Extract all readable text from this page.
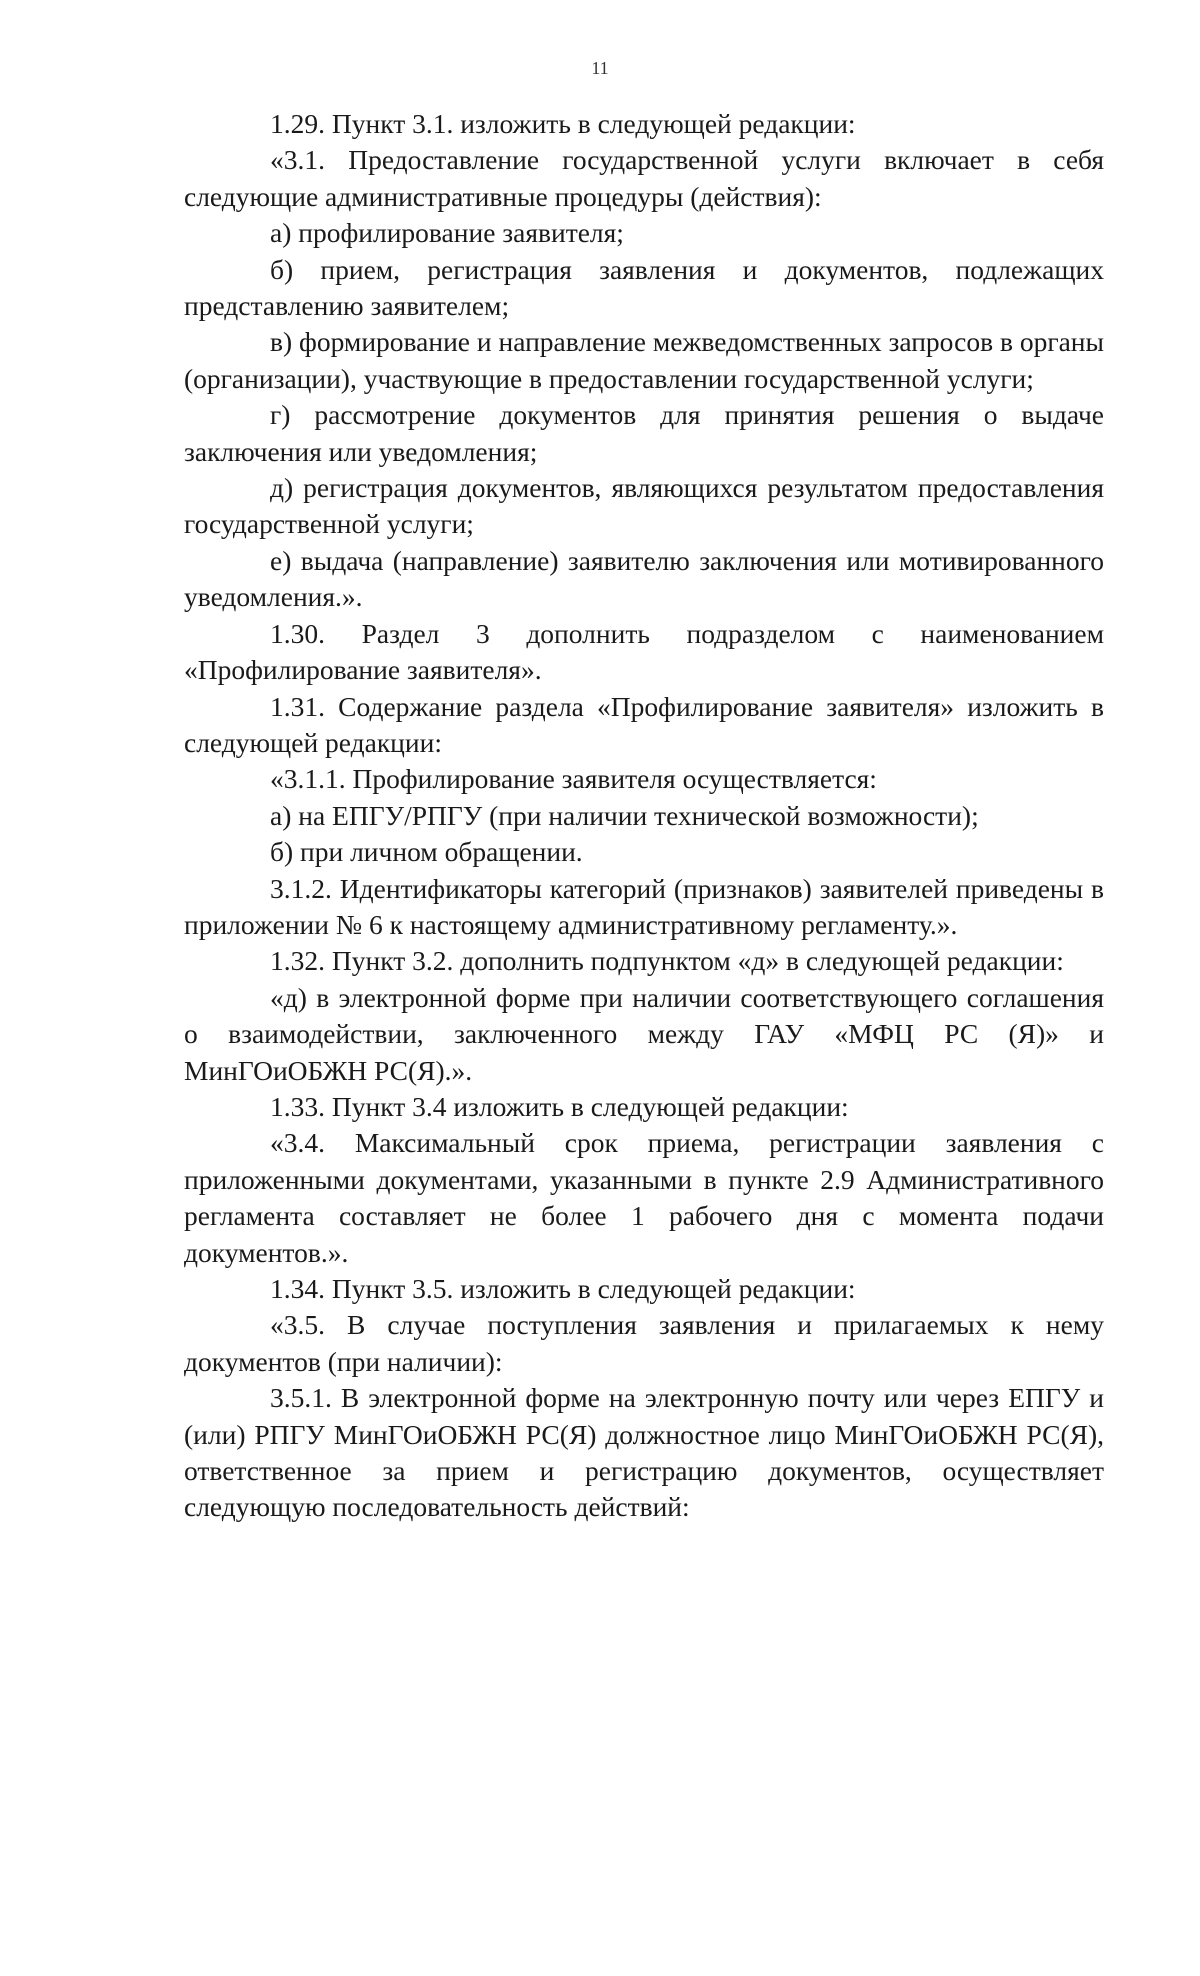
11

1.29. Пункт 3.1. изложить в следующей редакции:

«3.1. Предоставление государственной услуги включает в себя следующие административные процедуры (действия):

а) профилирование заявителя;

б) прием, регистрация заявления и документов, подлежащих представлению заявителем;

в) формирование и направление межведомственных запросов в органы (организации), участвующие в предоставлении государственной услуги;

г) рассмотрение документов для принятия решения о выдаче заключения или уведомления;

д) регистрация документов, являющихся результатом предоставления государственной услуги;

е) выдача (направление) заявителю заключения или мотивированного уведомления.».

1.30. Раздел 3 дополнить подразделом с наименованием «Профилирование заявителя».

1.31. Содержание раздела «Профилирование заявителя» изложить в следующей редакции:

«3.1.1. Профилирование заявителя осуществляется:

а) на ЕПГУ/РПГУ (при наличии технической возможности);

б) при личном обращении.

3.1.2. Идентификаторы категорий (признаков) заявителей приведены в приложении № 6 к настоящему административному регламенту.».

1.32. Пункт 3.2. дополнить подпунктом «д» в следующей редакции:

«д) в электронной форме при наличии соответствующего соглашения о взаимодействии, заключенного между ГАУ «МФЦ РС (Я)» и МинГОиОБЖН РС(Я).».

1.33. Пункт 3.4 изложить в следующей редакции:

«3.4. Максимальный срок приема, регистрации заявления с приложенными документами, указанными в пункте 2.9 Административного регламента составляет не более 1 рабочего дня с момента подачи документов.».

1.34. Пункт 3.5. изложить в следующей редакции:

«3.5. В случае поступления заявления и прилагаемых к нему документов (при наличии):

3.5.1. В электронной форме на электронную почту или через ЕПГУ и (или) РПГУ МинГОиОБЖН РС(Я) должностное лицо МинГОиОБЖН РС(Я), ответственное за прием и регистрацию документов, осуществляет следующую последовательность действий:
